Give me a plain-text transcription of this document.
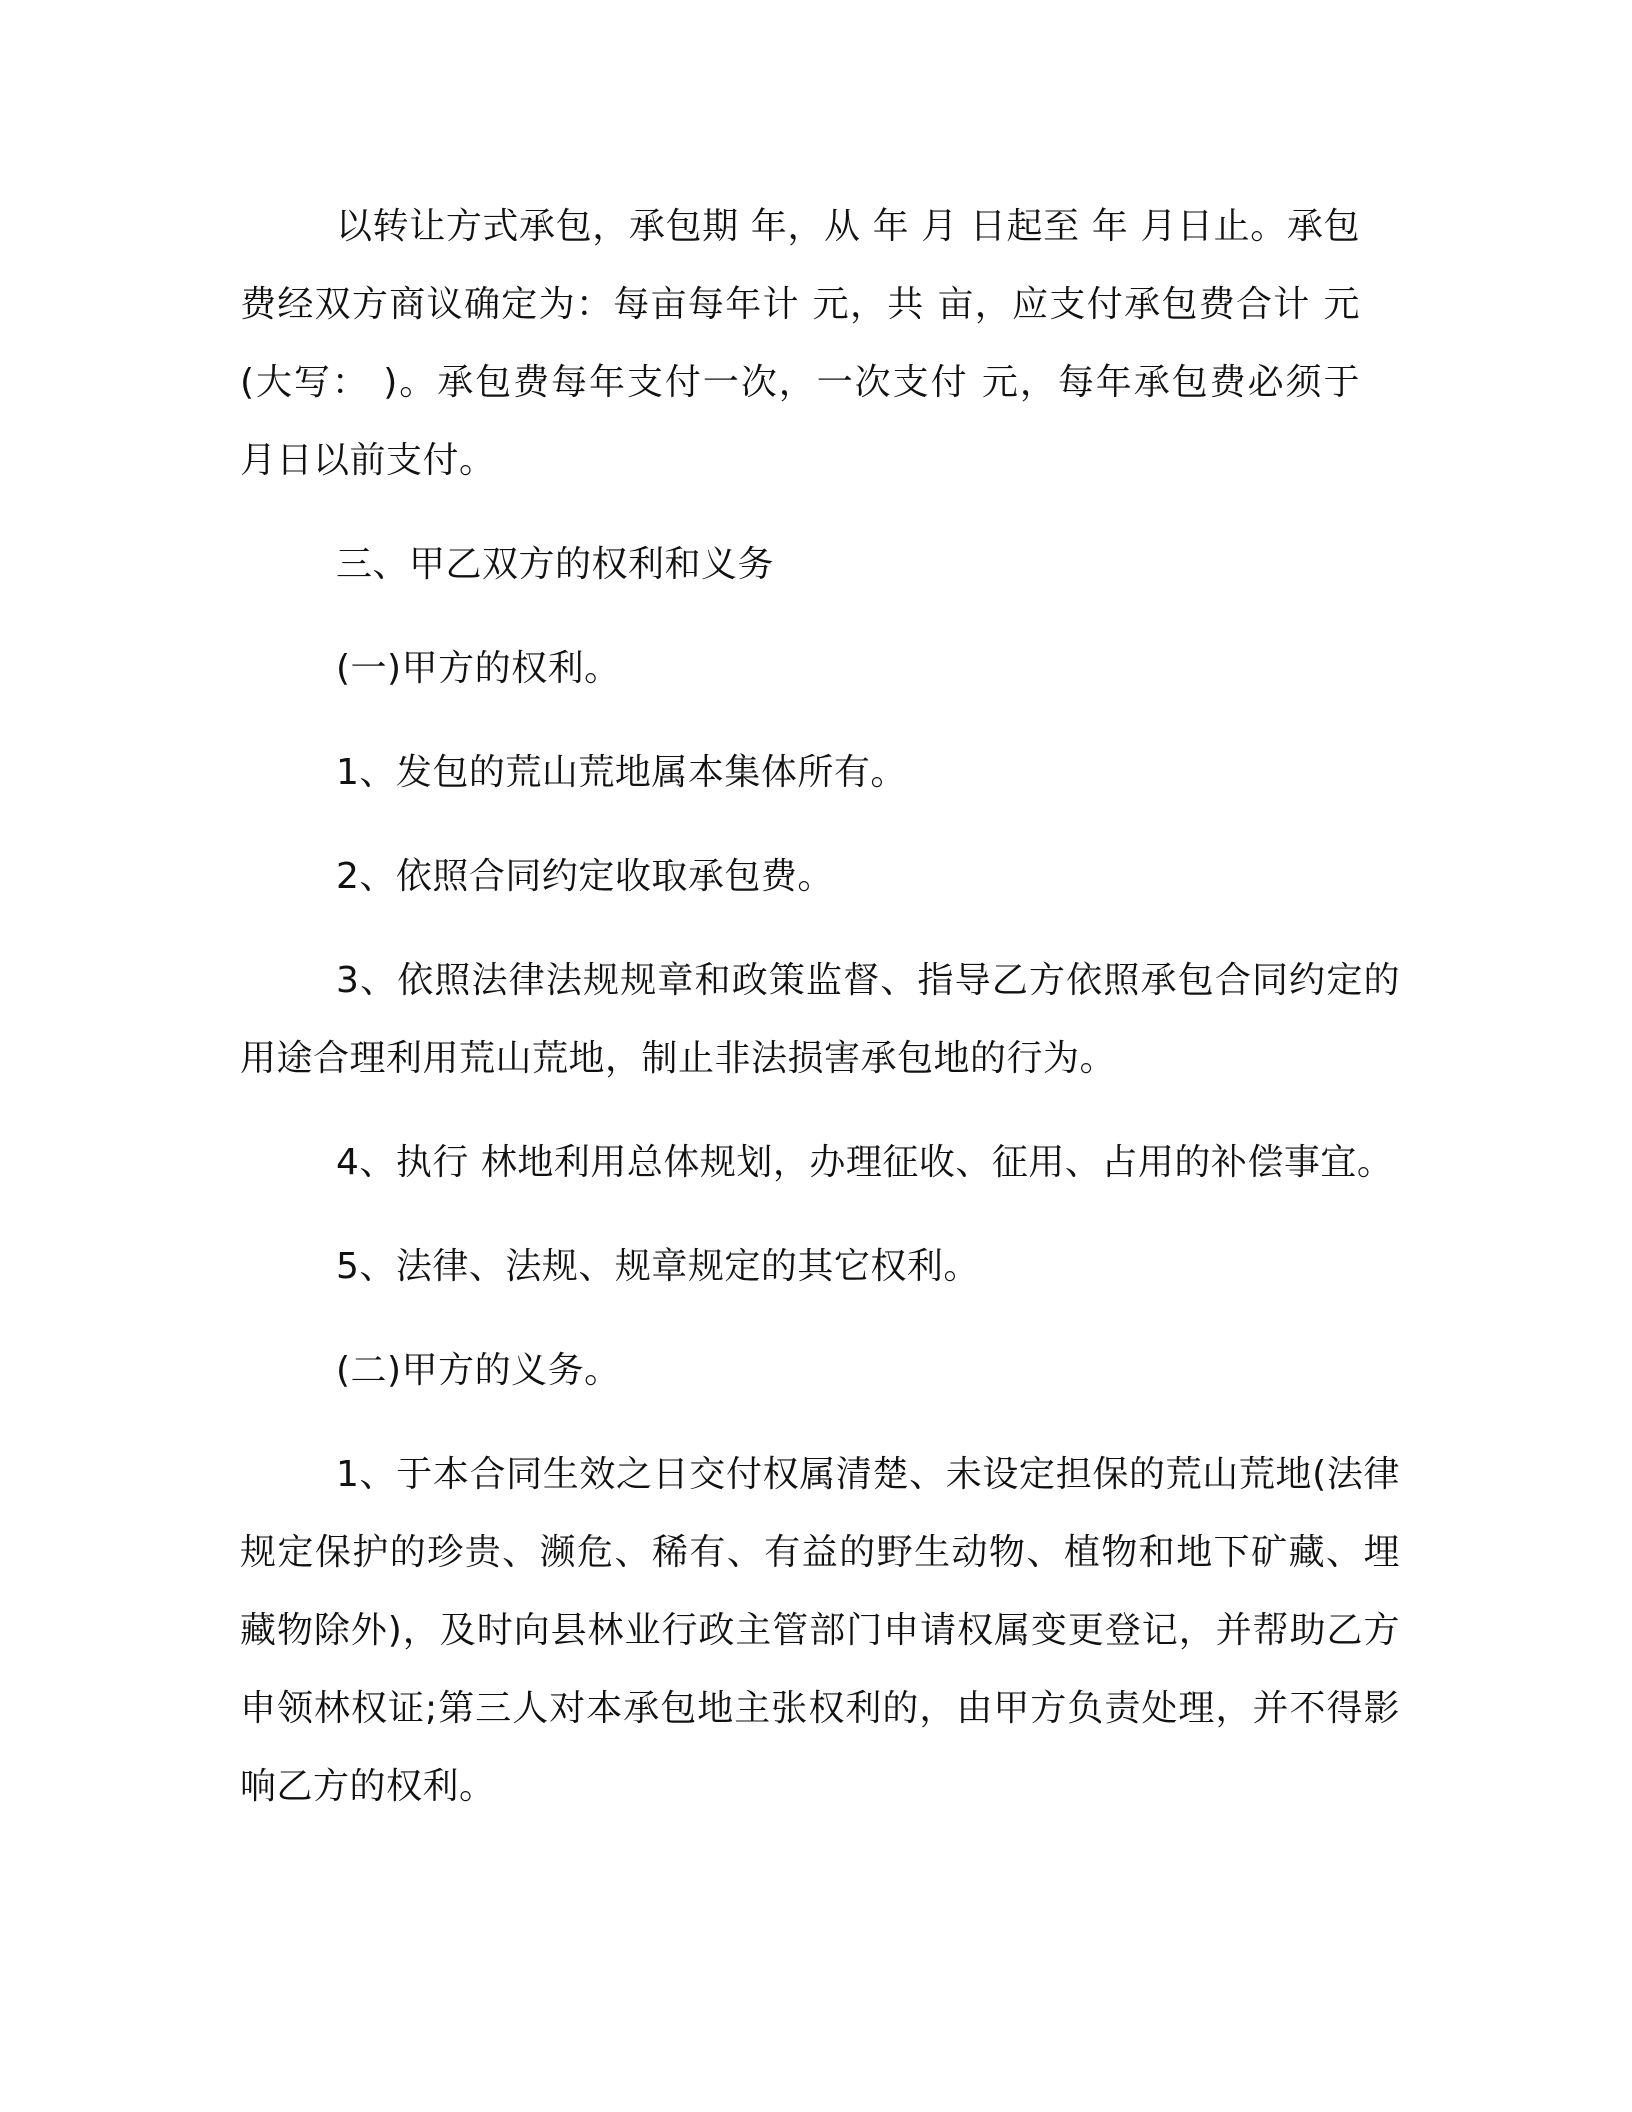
以转让方式承包，承包期 年，从 年 月 日起至 年 月日止。承包费经双方商议确定为：每亩每年计 元，共 亩，应支付承包费合计 元(大写： )。承包费每年支付一次，一次支付 元，每年承包费必须于 月日以前支付。

三、甲乙双方的权利和义务

(一)甲方的权利。

1、发包的荒山荒地属本集体所有。

2、依照合同约定收取承包费。

3、依照法律法规规章和政策监督、指导乙方依照承包合同约定的用途合理利用荒山荒地，制止非法损害承包地的行为。

4、执行 林地利用总体规划，办理征收、征用、占用的补偿事宜。

5、法律、法规、规章规定的其它权利。

(二)甲方的义务。

1、于本合同生效之日交付权属清楚、未设定担保的荒山荒地(法律规定保护的珍贵、濒危、稀有、有益的野生动物、植物和地下矿藏、埋藏物除外)，及时向县林业行政主管部门申请权属变更登记，并帮助乙方申领林权证;第三人对本承包地主张权利的，由甲方负责处理，并不得影响乙方的权利。
